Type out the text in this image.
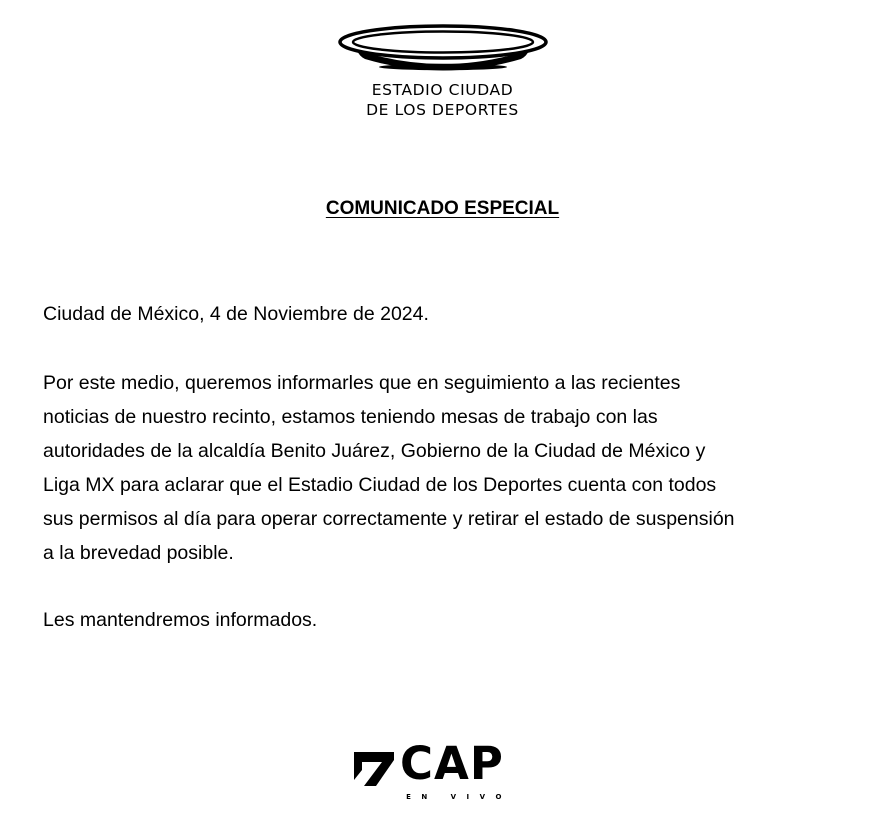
ESTADIO CIUDAD
DE LOS DEPORTES
COMUNICADO ESPECIAL

Ciudad de México, 4 de Noviembre de 2024.

Por este medio, queremos informarles que en seguimiento a las recientes
noticias de nuestro recinto, estamos teniendo mesas de trabajo con las
autoridades de la alcaldía Benito Juárez, Gobierno de la Ciudad de México y
Liga MX para aclarar que el Estadio Ciudad de los Deportes cuenta con todos
sus permisos al día para operar correctamente y retirar el estado de suspensión
a la brevedad posible.

Les mantendremos informados.

CAP
EN VIVO
